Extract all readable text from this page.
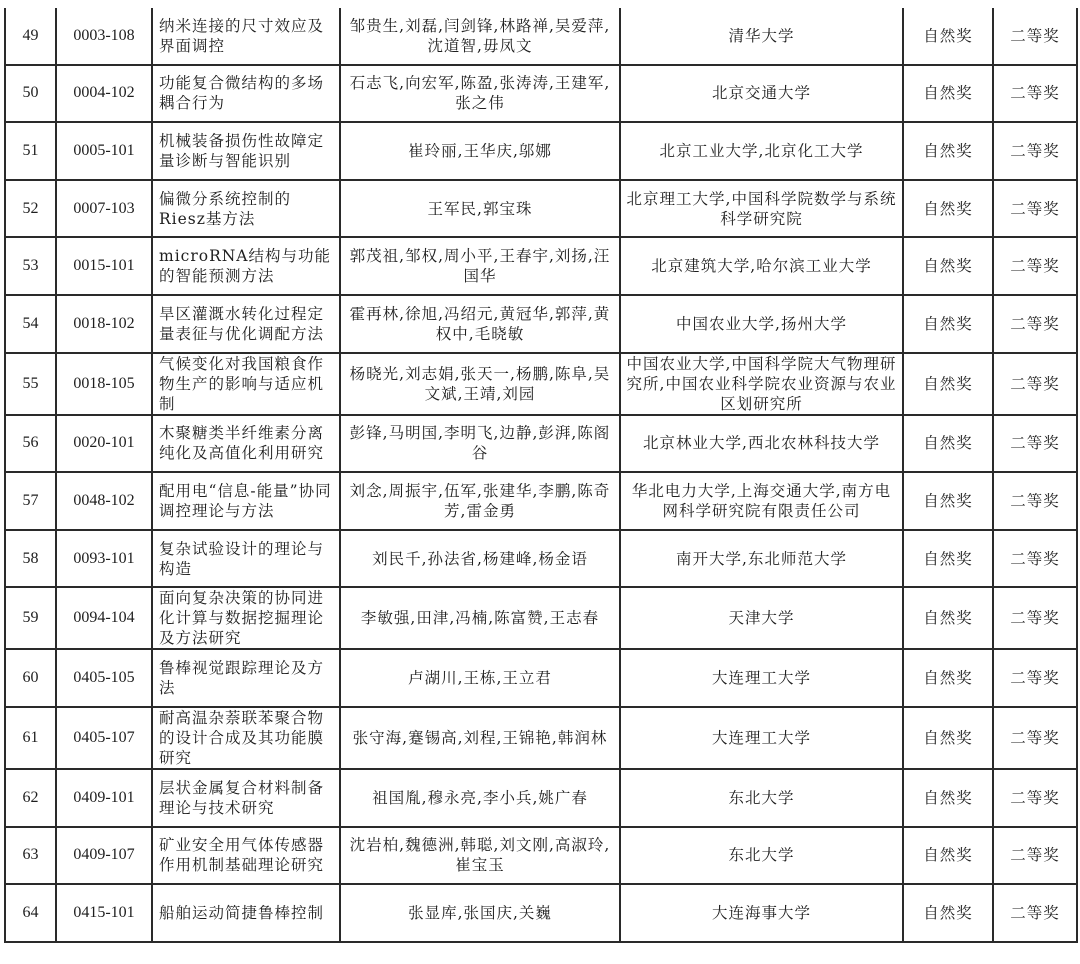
49	0003-108	纳米连接的尺寸效应及界面调控	邹贵生,刘磊,闫剑锋,林路禅,吴爱萍,沈道智,毋凤文	清华大学	自然奖	二等奖
50	0004-102	功能复合微结构的多场耦合行为	石志飞,向宏军,陈盈,张涛涛,王建军,张之伟	北京交通大学	自然奖	二等奖
51	0005-101	机械装备损伤性故障定量诊断与智能识别	崔玲丽,王华庆,邬娜	北京工业大学,北京化工大学	自然奖	二等奖
52	0007-103	偏微分系统控制的Riesz基方法	王军民,郭宝珠	北京理工大学,中国科学院数学与系统科学研究院	自然奖	二等奖
53	0015-101	microRNA结构与功能的智能预测方法	郭茂祖,邹权,周小平,王春宇,刘扬,汪国华	北京建筑大学,哈尔滨工业大学	自然奖	二等奖
54	0018-102	旱区灌溉水转化过程定量表征与优化调配方法	霍再林,徐旭,冯绍元,黄冠华,郭萍,黄权中,毛晓敏	中国农业大学,扬州大学	自然奖	二等奖
55	0018-105	气候变化对我国粮食作物生产的影响与适应机制	杨晓光,刘志娟,张天一,杨鹏,陈阜,吴文斌,王靖,刘园	中国农业大学,中国科学院大气物理研究所,中国农业科学院农业资源与农业区划研究所	自然奖	二等奖
56	0020-101	木聚糖类半纤维素分离纯化及高值化利用研究	彭锋,马明国,李明飞,边静,彭湃,陈阁谷	北京林业大学,西北农林科技大学	自然奖	二等奖
57	0048-102	配用电“信息-能量”协同调控理论与方法	刘念,周振宇,伍军,张建华,李鹏,陈奇芳,雷金勇	华北电力大学,上海交通大学,南方电网科学研究院有限责任公司	自然奖	二等奖
58	0093-101	复杂试验设计的理论与构造	刘民千,孙法省,杨建峰,杨金语	南开大学,东北师范大学	自然奖	二等奖
59	0094-104	面向复杂决策的协同进化计算与数据挖掘理论及方法研究	李敏强,田津,冯楠,陈富赞,王志春	天津大学	自然奖	二等奖
60	0405-105	鲁棒视觉跟踪理论及方法	卢湖川,王栋,王立君	大连理工大学	自然奖	二等奖
61	0405-107	耐高温杂萘联苯聚合物的设计合成及其功能膜研究	张守海,蹇锡高,刘程,王锦艳,韩润林	大连理工大学	自然奖	二等奖
62	0409-101	层状金属复合材料制备理论与技术研究	祖国胤,穆永亮,李小兵,姚广春	东北大学	自然奖	二等奖
63	0409-107	矿业安全用气体传感器作用机制基础理论研究	沈岩柏,魏德洲,韩聪,刘文刚,高淑玲,崔宝玉	东北大学	自然奖	二等奖
64	0415-101	船舶运动简捷鲁棒控制	张显库,张国庆,关巍	大连海事大学	自然奖	二等奖
